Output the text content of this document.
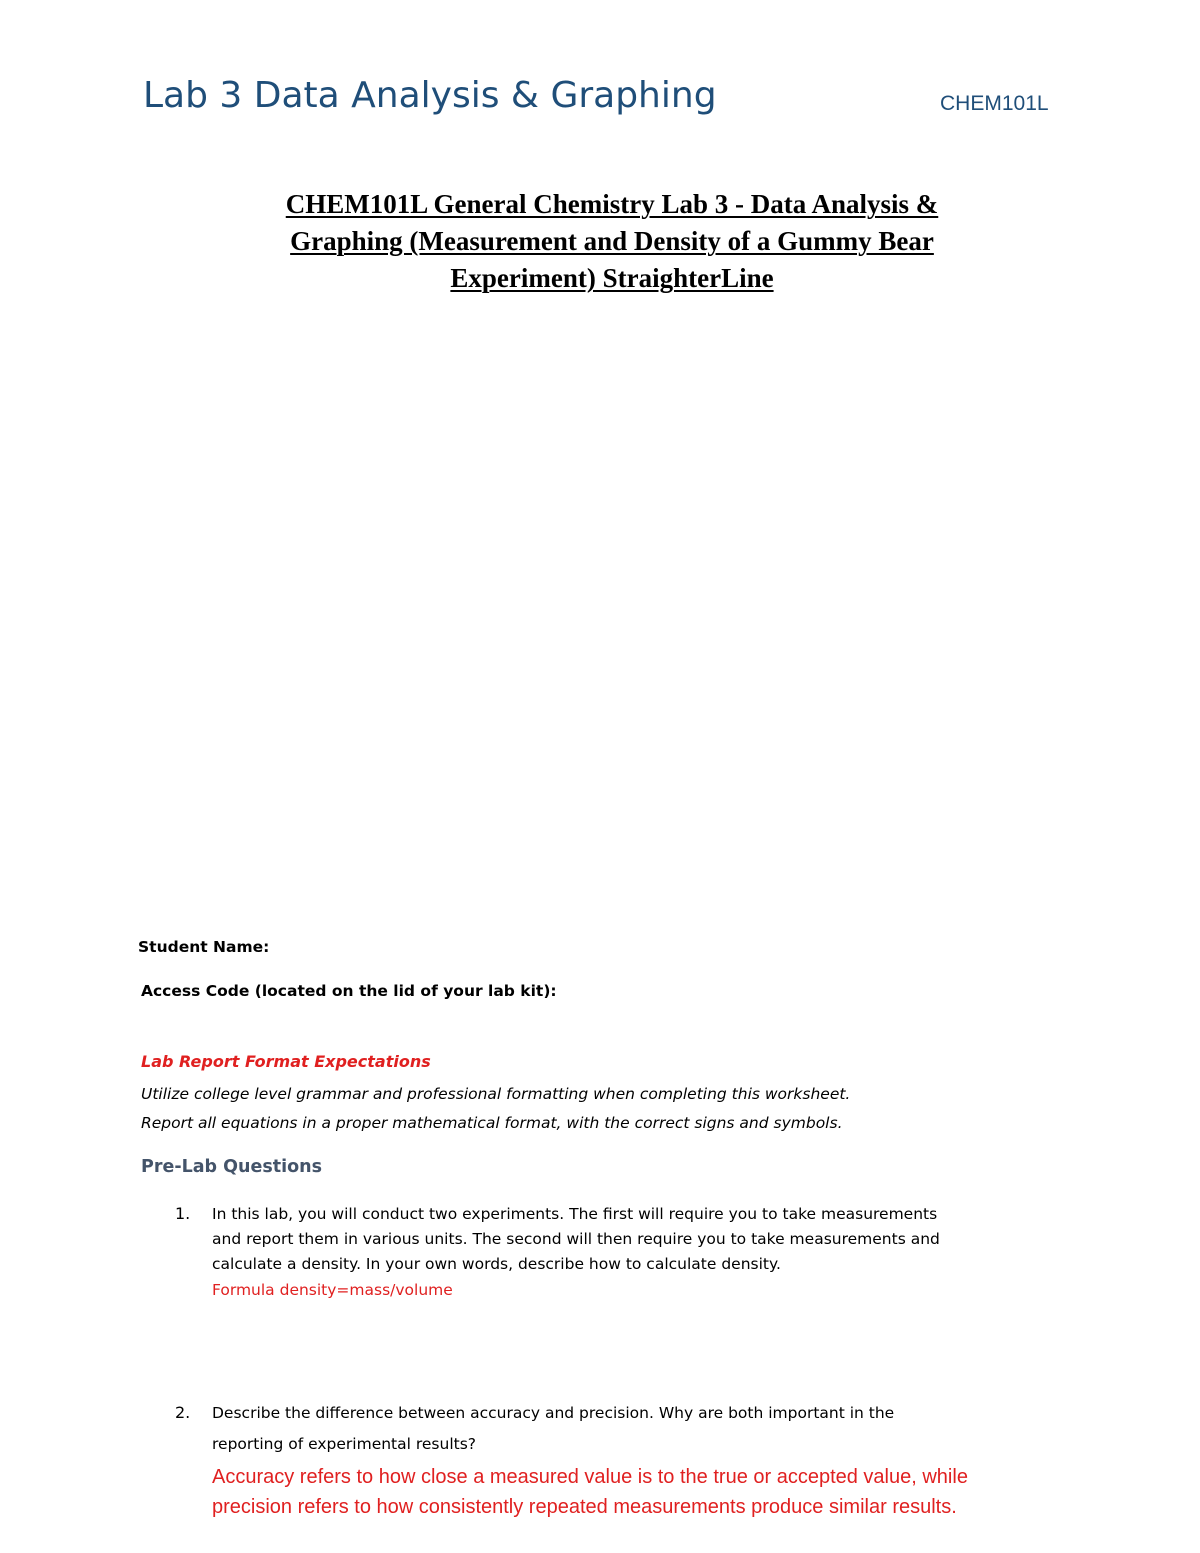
Lab 3 Data Analysis & Graphing	CHEM101L
CHEM101L General Chemistry Lab 3 - Data Analysis &
Graphing (Measurement and Density of a Gummy Bear
Experiment) StraighterLine
Student Name:
Access Code (located on the lid of your lab kit):
Lab Report Format Expectations
Utilize college level grammar and professional formatting when completing this worksheet.
Report all equations in a proper mathematical format, with the correct signs and symbols.
Pre-Lab Questions
1. In this lab, you will conduct two experiments. The first will require you to take measurements
and report them in various units. The second will then require you to take measurements and
calculate a density. In your own words, describe how to calculate density.
Formula density=mass/volume
2. Describe the difference between accuracy and precision. Why are both important in the
reporting of experimental results?
Accuracy refers to how close a measured value is to the true or accepted value, while
precision refers to how consistently repeated measurements produce similar results.
